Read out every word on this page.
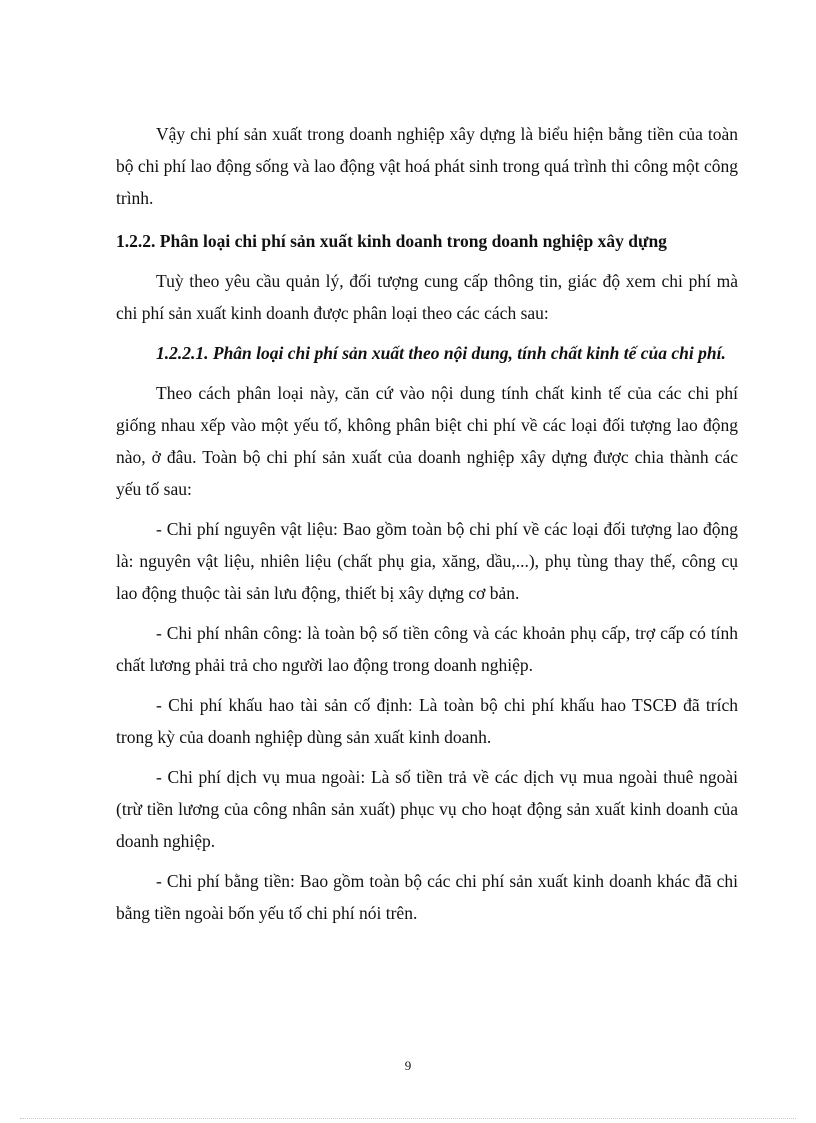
Vậy chi phí sản xuất trong doanh nghiệp xây dựng là biểu hiện bằng tiền của toàn bộ chi phí lao động sống và lao động vật hoá phát sinh trong quá trình thi công một công trình.

1.2.2. Phân loại chi phí sản xuất kinh doanh trong doanh nghiệp xây dựng

Tuỳ theo yêu cầu quản lý, đối tượng cung cấp thông tin, giác độ xem chi phí mà chi phí sản xuất kinh doanh được phân loại theo các cách sau:

1.2.2.1. Phân loại chi phí sản xuất theo nội dung, tính chất kinh tế của chi phí.

Theo cách phân loại này, căn cứ vào nội dung tính chất kinh tế của các chi phí giống nhau xếp vào một yếu tố, không phân biệt chi phí về các loại đối tượng lao động nào, ở đâu. Toàn bộ chi phí sản xuất của doanh nghiệp xây dựng được chia thành các yếu tố sau:

- Chi phí nguyên vật liệu: Bao gồm toàn bộ chi phí về các loại đối tượng lao động là: nguyên vật liệu, nhiên liệu (chất phụ gia, xăng, dầu,...), phụ tùng thay thế, công cụ lao động thuộc tài sản lưu động, thiết bị xây dựng cơ bản.

- Chi phí nhân công: là toàn bộ số tiền công và các khoản phụ cấp, trợ cấp có tính chất lương phải trả cho người lao động trong doanh nghiệp.

- Chi phí khấu hao tài sản cố định: Là toàn bộ chi phí khấu hao TSCĐ đã trích trong kỳ của doanh nghiệp dùng sản xuất kinh doanh.

- Chi phí dịch vụ mua ngoài: Là số tiền trả về các dịch vụ mua ngoài thuê ngoài (trừ tiền lương của công nhân sản xuất) phục vụ cho hoạt động sản xuất kinh doanh của doanh nghiệp.

- Chi phí bằng tiền: Bao gồm toàn bộ các chi phí sản xuất kinh doanh khác đã chi bằng tiền ngoài bốn yếu tố chi phí nói trên.

9
